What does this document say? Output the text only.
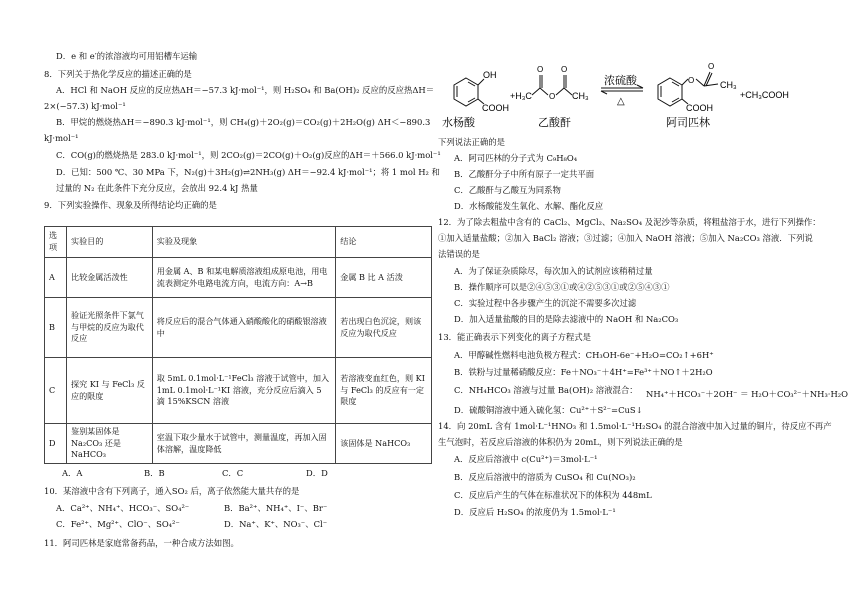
D．e 和 e′的浓溶液均可用铝槽车运输
8．下列关于热化学反应的描述正确的是
A．HCl 和 NaOH 反应的反应热ΔH＝−57.3 kJ·mol⁻¹，则 H₂SO₄ 和 Ba(OH)₂ 反应的反应热ΔH＝
2×(−57.3) kJ·mol⁻¹
B．甲烷的燃烧热ΔH＝−890.3 kJ·mol⁻¹，则 CH₄(g)＋2O₂(g)＝CO₂(g)＋2H₂O(g) ΔH＜−890.3
kJ·mol⁻¹
C．CO(g)的燃烧热是 283.0 kJ·mol⁻¹，则 2CO₂(g)＝2CO(g)＋O₂(g)反应的ΔH＝＋566.0 kJ·mol⁻¹
D．已知：500 ℃、30 MPa 下，N₂(g)＋3H₂(g)⇌2NH₃(g) ΔH＝−92.4 kJ·mol⁻¹；将 1 mol H₂ 和
过量的 N₂ 在此条件下充分反应，会放出 92.4 kJ 热量
9．下列实验操作、现象及所得结论均正确的是
A．A	B．B	C．C	D．D
10．某溶液中含有下列离子，通入SO₂ 后，离子依然能大量共存的是
A．Ca²⁺、NH₄⁺、HCO₃⁻、SO₄²⁻	B．Ba²⁺、NH₄⁺、I⁻、Br⁻
C．Fe²⁺、Mg²⁺、ClO⁻、SO₄²⁻	D．Na⁺、K⁺、NO₃⁻、Cl⁻
11．阿司匹林是家庭常备药品，一种合成方法如图。
选项	实验目的	实验及现象	结论
A	比较金属活泼性	用金属 A、B 和某电解质溶液组成原电池，用电流表测定外电路电流方向，电流方向：A→B	金属 B 比 A 活泼
B	验证光照条件下氯气与甲烷的反应为取代反应	将反应后的混合气体通入硝酸酸化的硝酸银溶液中	若出现白色沉淀，则该反应为取代反应
C	探究 KI 与 FeCl₃ 反应的限度	取 5mL 0.1mol·L⁻¹FeCl₃ 溶液于试管中，加入 1mL 0.1mol·L⁻¹KI 溶液，充分反应后滴入 5 滴 15%KSCN 溶液	若溶液变血红色，则 KI 与 FeCl₃ 的反应有一定限度
D	鉴别某固体是 Na₂CO₃ 还是 NaHCO₃	室温下取少量水于试管中，测量温度，再加入固体溶解，温度降低	该固体是 NaHCO₃
OH
COOH
水杨酸
+H₃C
O
O
O
CH₃
乙酸酐
浓硫酸
△
O
O
CH₃
COOH
阿司匹林
+CH₃COOH
下列说法正确的是
A．阿司匹林的分子式为 C₉H₈O₄
B．乙酸酐分子中所有原子一定共平面
C．乙酸酐与乙酸互为同系物
D．水杨酸能发生氧化、水解、酯化反应
12．为了除去粗盐中含有的 CaCl₂、MgCl₂、Na₂SO₄ 及泥沙等杂质，将粗盐溶于水，进行下列操作：
①加入适量盐酸；②加入 BaCl₂ 溶液；③过滤；④加入 NaOH 溶液；⑤加入 Na₂CO₃ 溶液．下列说
法错误的是
A．为了保证杂质除尽，每次加入的试剂应该稍稍过量
B．操作顺序可以是②④⑤③①或④②⑤③①或②⑤④③①
C．实验过程中各步骤产生的沉淀不需要多次过滤
D．加入适量盐酸的目的是除去滤液中的 NaOH 和 Na₂CO₃
13．能正确表示下列变化的离子方程式是
A．甲醇碱性燃料电池负极方程式：CH₃OH-6e⁻+H₂O=CO₂↑+6H⁺
B．铁粉与过量稀硝酸反应：Fe＋NO₃⁻＋4H⁺=Fe³⁺＋NO↑＋2H₂O
C．NH₄HCO₃ 溶液与过量 Ba(OH)₂ 溶液混合： NH₄⁺＋HCO₃⁻＋2OH⁻ ＝ H₂O＋CO₃²⁻＋NH₃·H₂O
D．硫酸铜溶液中通入硫化氢：Cu²⁺＋S²⁻=CuS↓
14．向 20mL 含有 1mol·L⁻¹HNO₃ 和 1.5mol·L⁻¹H₂SO₄ 的混合溶液中加入过量的铜片，待反应不再产
生气泡时，若反应后溶液的体积仍为 20mL，则下列说法正确的是
A．反应后溶液中 c(Cu²⁺)＝3mol·L⁻¹
B．反应后溶液中的溶质为 CuSO₄ 和 Cu(NO₃)₂
C．反应后产生的气体在标准状况下的体积为 448mL
D．反应后 H₂SO₄ 的浓度仍为 1.5mol·L⁻¹
